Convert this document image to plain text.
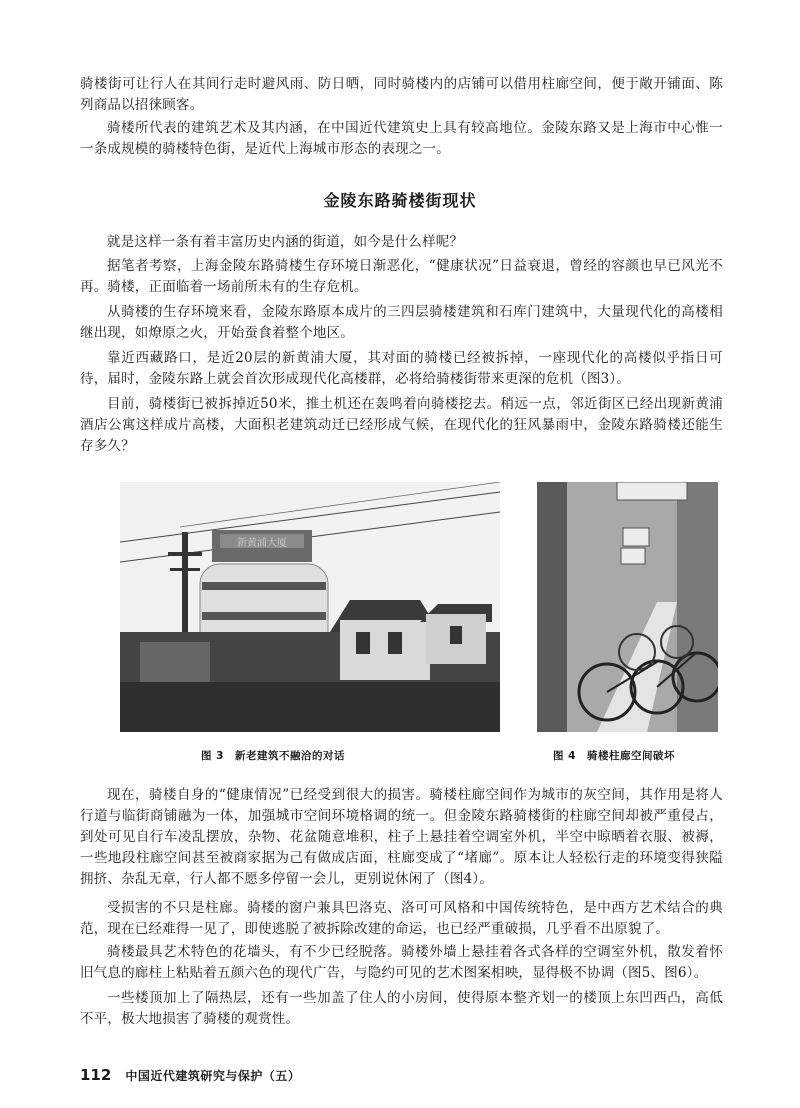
骑楼街可让行人在其间行走时避风雨、防日晒，同时骑楼内的店铺可以借用柱廊空间，便于敞开铺面、陈列商品以招徕顾客。

骑楼所代表的建筑艺术及其内涵，在中国近代建筑史上具有较高地位。金陵东路又是上海市中心惟一一条成规模的骑楼特色街，是近代上海城市形态的表现之一。

金陵东路骑楼街现状

就是这样一条有着丰富历史内涵的街道，如今是什么样呢？

据笔者考察，上海金陵东路骑楼生存环境日渐恶化，“健康状况”日益衰退，曾经的容颜也早已风光不再。骑楼，正面临着一场前所未有的生存危机。

从骑楼的生存环境来看，金陵东路原本成片的三四层骑楼建筑和石库门建筑中，大量现代化的高楼相继出现，如燎原之火，开始蚕食着整个地区。

靠近西藏路口，是近20层的新黄浦大厦，其对面的骑楼已经被拆掉，一座现代化的高楼似乎指日可待，届时，金陵东路上就会首次形成现代化高楼群，必将给骑楼街带来更深的危机（图3）。

目前，骑楼街已被拆掉近50米，推土机还在轰鸣着向骑楼挖去。稍远一点，邻近街区已经出现新黄浦酒店公寓这样成片高楼，大面积老建筑动迁已经形成气候，在现代化的狂风暴雨中，金陵东路骑楼还能生存多久？

新黄浦大厦
图 3　新老建筑不融洽的对话	图 4　骑楼柱廊空间破坏

现在，骑楼自身的“健康情况”已经受到很大的损害。骑楼柱廊空间作为城市的灰空间，其作用是将人行道与临街商铺融为一体，加强城市空间环境格调的统一。但金陵东路骑楼街的柱廊空间却被严重侵占，到处可见自行车凌乱摆放，杂物、花盆随意堆积，柱子上悬挂着空调室外机，半空中晾晒着衣服、被褥，一些地段柱廊空间甚至被商家据为己有做成店面，柱廊变成了“堵廊”。原本让人轻松行走的环境变得狭隘拥挤、杂乱无章，行人都不愿多停留一会儿，更别说休闲了（图4）。

受损害的不只是柱廊。骑楼的窗户兼具巴洛克、洛可可风格和中国传统特色，是中西方艺术结合的典范，现在已经难得一见了，即使逃脱了被拆除改建的命运，也已经严重破损，几乎看不出原貌了。

骑楼最具艺术特色的花墙头，有不少已经脱落。骑楼外墙上悬挂着各式各样的空调室外机，散发着怀旧气息的廊柱上粘贴着五颜六色的现代广告，与隐约可见的艺术图案相映，显得极不协调（图5、图6）。

一些楼顶加上了隔热层，还有一些加盖了住人的小房间，使得原本整齐划一的楼顶上东凹西凸，高低不平，极大地损害了骑楼的观赏性。

112 中国近代建筑研究与保护（五）
